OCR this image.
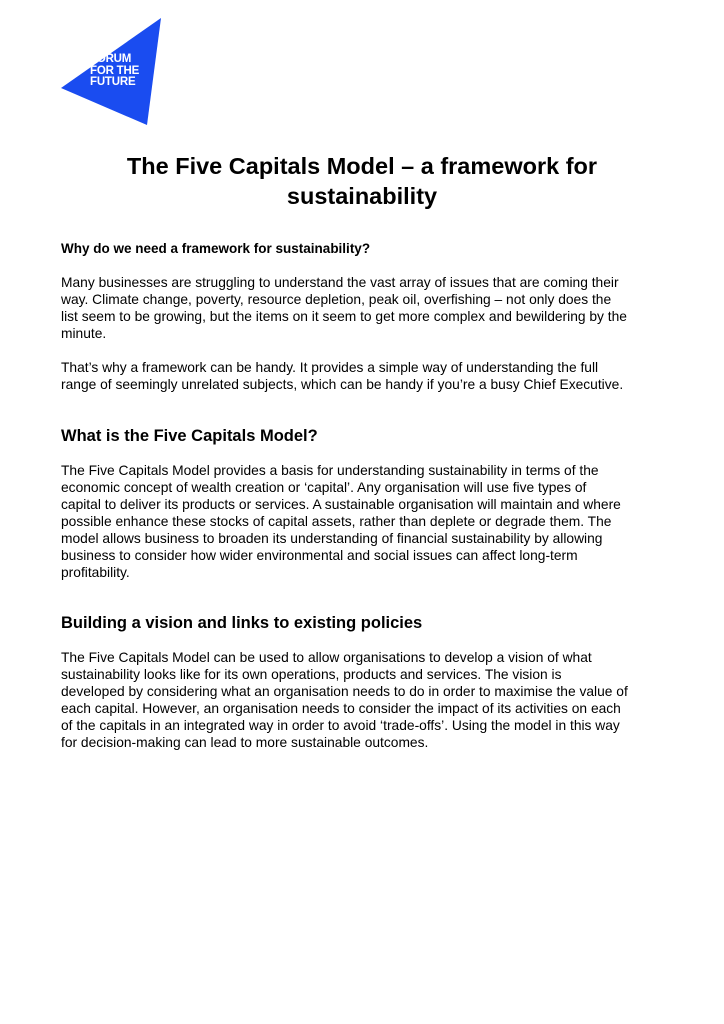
FORUM
FOR THE
FUTURE
The Five Capitals Model – a framework for
sustainability
Why do we need a framework for sustainability?

Many businesses are struggling to understand the vast array of issues that are coming their
way. Climate change, poverty, resource depletion, peak oil, overfishing – not only does the
list seem to be growing, but the items on it seem to get more complex and bewildering by the
minute.

That’s why a framework can be handy. It provides a simple way of understanding the full
range of seemingly unrelated subjects, which can be handy if you’re a busy Chief Executive.

What is the Five Capitals Model?

The Five Capitals Model provides a basis for understanding sustainability in terms of the
economic concept of wealth creation or ‘capital’. Any organisation will use five types of
capital to deliver its products or services. A sustainable organisation will maintain and where
possible enhance these stocks of capital assets, rather than deplete or degrade them. The
model allows business to broaden its understanding of financial sustainability by allowing
business to consider how wider environmental and social issues can affect long-term
profitability.

Building a vision and links to existing policies

The Five Capitals Model can be used to allow organisations to develop a vision of what
sustainability looks like for its own operations, products and services. The vision is
developed by considering what an organisation needs to do in order to maximise the value of
each capital. However, an organisation needs to consider the impact of its activities on each
of the capitals in an integrated way in order to avoid ‘trade-offs’. Using the model in this way
for decision-making can lead to more sustainable outcomes.
